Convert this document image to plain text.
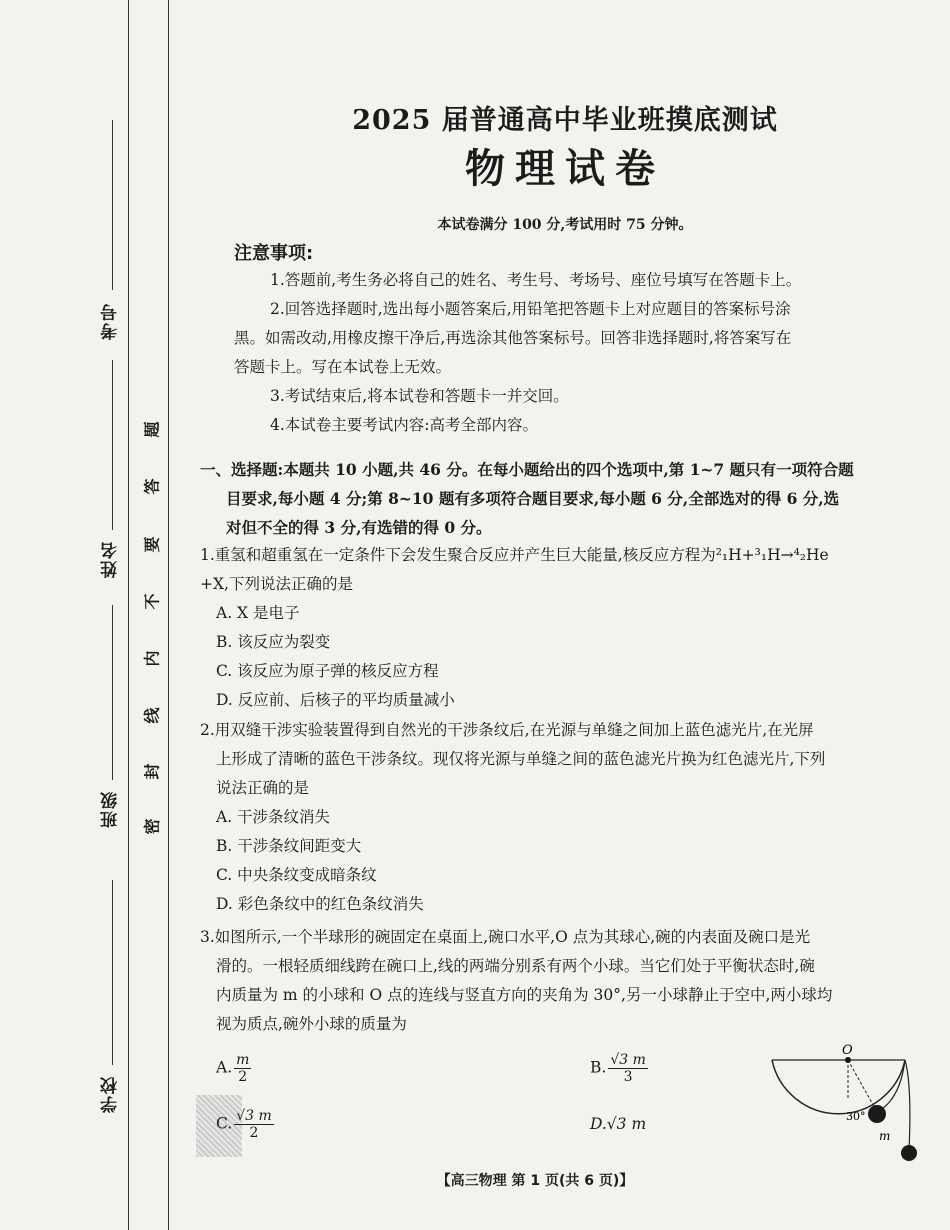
考号
姓名
班级
学校
题
答
要
不
内
线
封
密
2025 届普通高中毕业班摸底测试
物理试卷
本试卷满分 100 分,考试用时 75 分钟。
注意事项:
1.答题前,考生务必将自己的姓名、考生号、考场号、座位号填写在答题卡上。
2.回答选择题时,选出每小题答案后,用铅笔把答题卡上对应题目的答案标号涂
黑。如需改动,用橡皮擦干净后,再选涂其他答案标号。回答非选择题时,将答案写在
答题卡上。写在本试卷上无效。
3.考试结束后,将本试卷和答题卡一并交回。
4.本试卷主要考试内容:高考全部内容。
一、选择题:本题共 10 小题,共 46 分。在每小题给出的四个选项中,第 1~7 题只有一项符合题
目要求,每小题 4 分;第 8~10 题有多项符合题目要求,每小题 6 分,全部选对的得 6 分,选
对但不全的得 3 分,有选错的得 0 分。
1.重氢和超重氢在一定条件下会发生聚合反应并产生巨大能量,核反应方程为²₁H+³₁H→⁴₂He
+X,下列说法正确的是
A. X 是电子
B. 该反应为裂变
C. 该反应为原子弹的核反应方程
D. 反应前、后核子的平均质量减小
2.用双缝干涉实验装置得到自然光的干涉条纹后,在光源与单缝之间加上蓝色滤光片,在光屏
上形成了清晰的蓝色干涉条纹。现仅将光源与单缝之间的蓝色滤光片换为红色滤光片,下列
说法正确的是
A. 干涉条纹消失
B. 干涉条纹间距变大
C. 中央条纹变成暗条纹
D. 彩色条纹中的红色条纹消失
3.如图所示,一个半球形的碗固定在桌面上,碗口水平,O 点为其球心,碗的内表面及碗口是光
滑的。一根轻质细线跨在碗口上,线的两端分别系有两个小球。当它们处于平衡状态时,碗
内质量为 m 的小球和 O 点的连线与竖直方向的夹角为 30°,另一小球静止于空中,两小球均
视为质点,碗外小球的质量为
A. $\frac{m}{2}$	B. $\frac{√3 m}{3}$
C. $\frac{√3 m}{2}$	D.√3 m
O
30°
m
【高三物理 第 1 页(共 6 页)】
